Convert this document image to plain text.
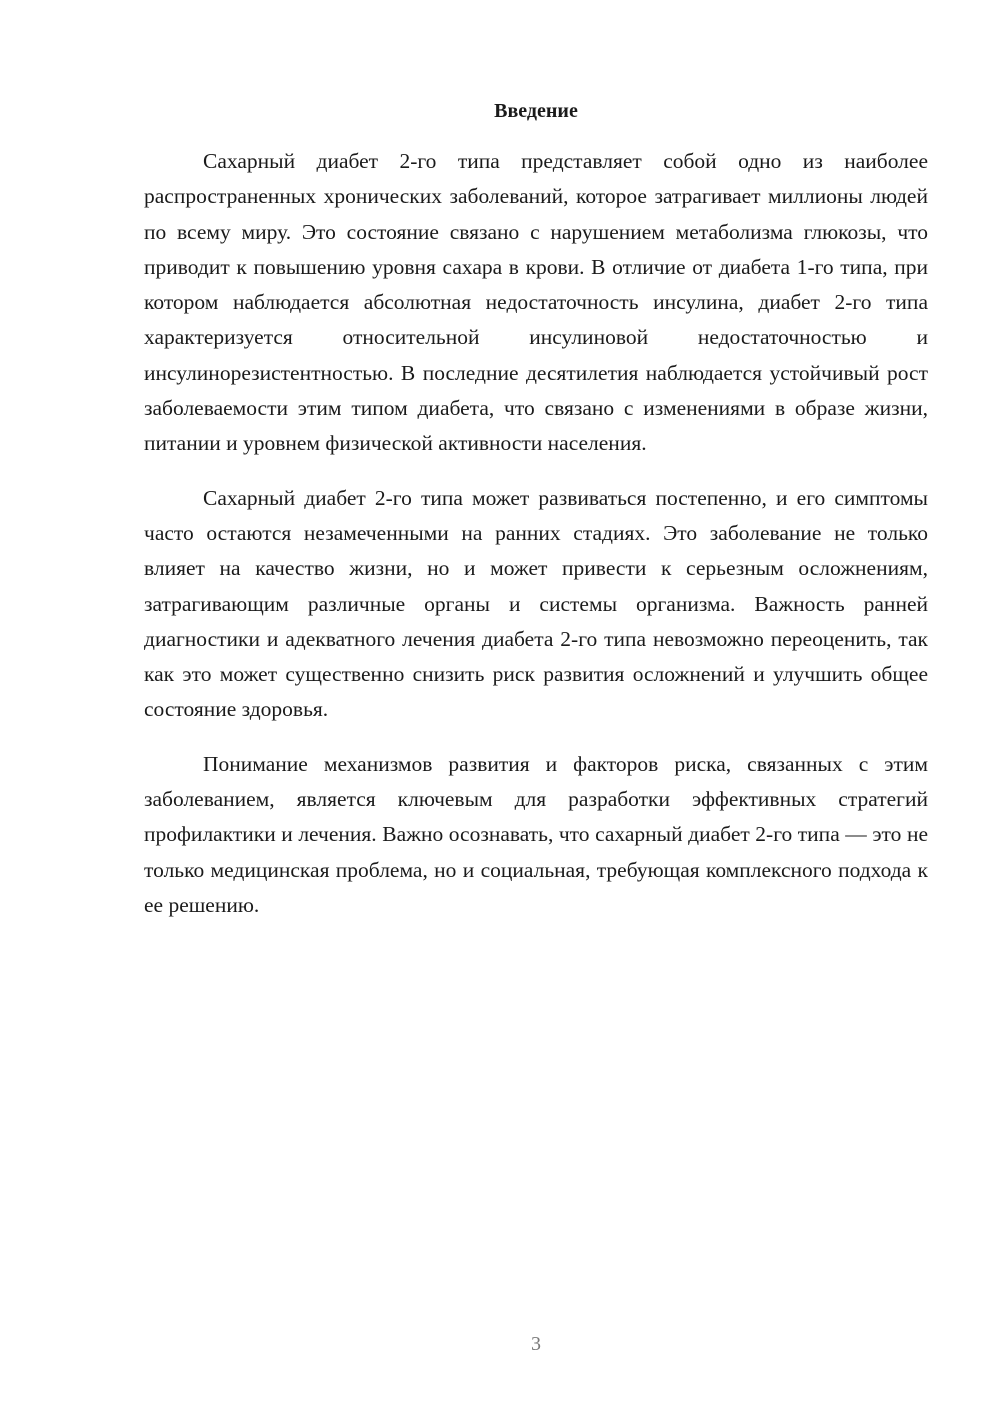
Введение

Сахарный диабет 2-го типа представляет собой одно из наиболее распространенных хронических заболеваний, которое затрагивает миллионы людей по всему миру. Это состояние связано с нарушением метаболизма глюкозы, что приводит к повышению уровня сахара в крови. В отличие от диабета 1-го типа, при котором наблюдается абсолютная недостаточность инсулина, диабет 2-го типа характеризуется относительной инсулиновой недостаточностью и инсулинорезистентностью. В последние десятилетия наблюдается устойчивый рост заболеваемости этим типом диабета, что связано с изменениями в образе жизни, питании и уровнем физической активности населения.

Сахарный диабет 2-го типа может развиваться постепенно, и его симптомы часто остаются незамеченными на ранних стадиях. Это заболевание не только влияет на качество жизни, но и может привести к серьезным осложнениям, затрагивающим различные органы и системы организма. Важность ранней диагностики и адекватного лечения диабета 2-го типа невозможно переоценить, так как это может существенно снизить риск развития осложнений и улучшить общее состояние здоровья.

Понимание механизмов развития и факторов риска, связанных с этим заболеванием, является ключевым для разработки эффективных стратегий профилактики и лечения. Важно осознавать, что сахарный диабет 2-го типа — это не только медицинская проблема, но и социальная, требующая комплексного подхода к ее решению.

3
